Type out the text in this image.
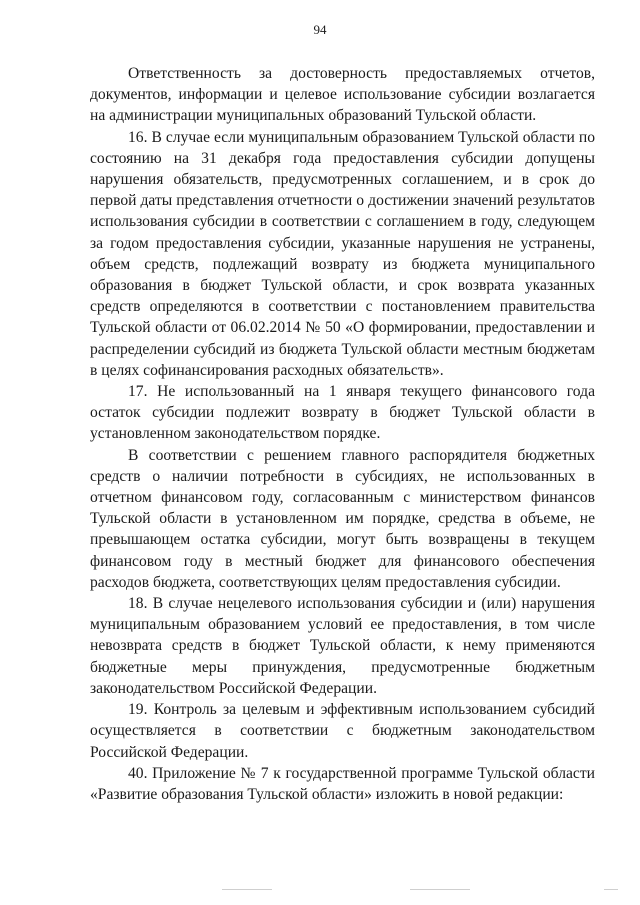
94

Ответственность за достоверность предоставляемых отчетов, документов, информации и целевое использование субсидии возлагается на администрации муниципальных образований Тульской области.

16. В случае если муниципальным образованием Тульской области по состоянию на 31 декабря года предоставления субсидии допущены нарушения обязательств, предусмотренных соглашением, и в срок до первой даты представления отчетности о достижении значений результатов использования субсидии в соответствии с соглашением в году, следующем за годом предоставления субсидии, указанные нарушения не устранены, объем средств, подлежащий возврату из бюджета муниципального образования в бюджет Тульской области, и срок возврата указанных средств определяются в соответствии с постановлением правительства Тульской области от 06.02.2014 № 50 «О формировании, предоставлении и распределении субсидий из бюджета Тульской области местным бюджетам в целях софинансирования расходных обязательств».

17. Не использованный на 1 января текущего финансового года остаток субсидии подлежит возврату в бюджет Тульской области в установленном законодательством порядке.

В соответствии с решением главного распорядителя бюджетных средств о наличии потребности в субсидиях, не использованных в отчетном финансовом году, согласованным с министерством финансов Тульской области в установленном им порядке, средства в объеме, не превышающем остатка субсидии, могут быть возвращены в текущем финансовом году в местный бюджет для финансового обеспечения расходов бюджета, соответствующих целям предоставления субсидии.

18. В случае нецелевого использования субсидии и (или) нарушения муниципальным образованием условий ее предоставления, в том числе невозврата средств в бюджет Тульской области, к нему применяются бюджетные меры принуждения, предусмотренные бюджетным законодательством Российской Федерации.

19. Контроль за целевым и эффективным использованием субсидий осуществляется в соответствии с бюджетным законодательством Российской Федерации.

40. Приложение № 7 к государственной программе Тульской области «Развитие образования Тульской области» изложить в новой редакции:
